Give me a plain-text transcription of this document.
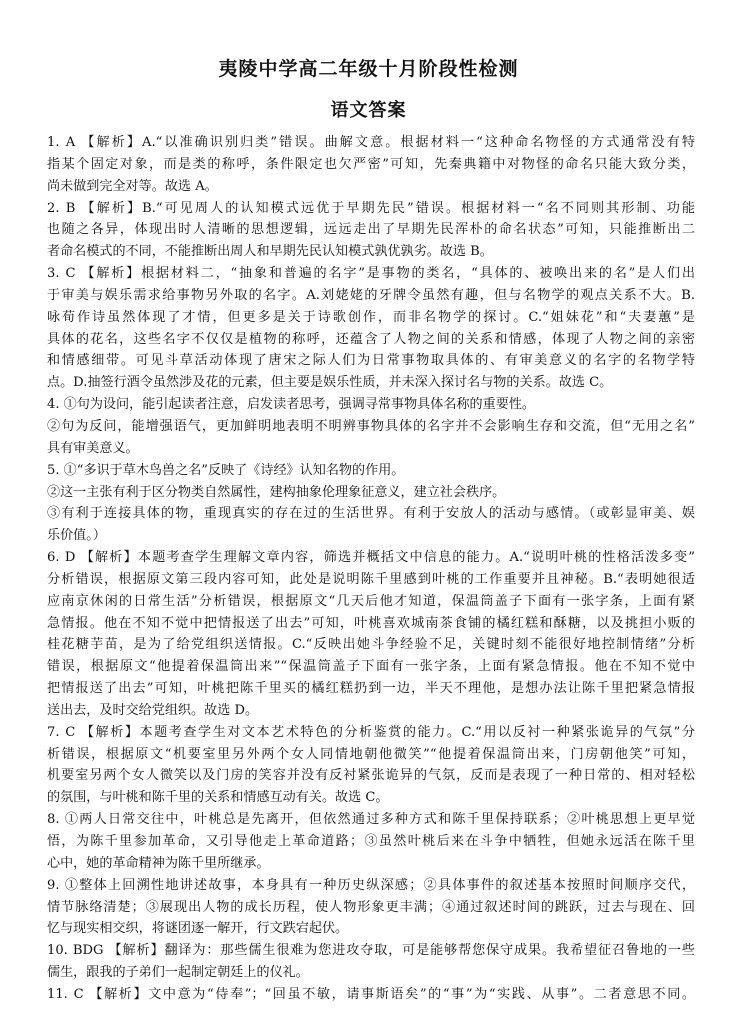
夷陵中学高二年级十月阶段性检测
语文答案
1. A 【解析】A.“以准确识别归类”错误。曲解文意。根据材料一“这种命名物怪的方式通常没有特
指某个固定对象，而是类的称呼，条件限定也欠严密”可知，先秦典籍中对物怪的命名只能大致分类，
尚未做到完全对等。故选 A。
2. B 【解析】B.“可见周人的认知模式远优于早期先民”错误。根据材料一“名不同则其形制、功能
也随之各异，体现出时人清晰的思想逻辑，远远走出了早期先民浑朴的命名状态”可知，只能推断出二
者命名模式的不同，不能推断出周人和早期先民认知模式孰优孰劣。故选 B。
3. C 【解析】根据材料二，“抽象和普遍的名字”是事物的类名，“具体的、被唤出来的名”是人们出
于审美与娱乐需求给事物另外取的名字。A.刘姥姥的牙牌令虽然有趣，但与名物学的观点关系不大。B.
咏荀作诗虽然体现了才情，但更多是关于诗歌创作，而非名物学的探讨。C.“姐妹花”和“夫妻蕙”是
具体的花名，这些名字不仅仅是植物的称呼，还蕴含了人物之间的关系和情感，体现了人物之间的亲密
和情感细带。可见斗草活动体现了唐宋之际人们为日常事物取具体的、有审美意义的名字的名物学特
点。D.抽签行酒令虽然涉及花的元素，但主要是娱乐性质，并未深入探讨名与物的关系。故选 C。
4. ①句为设问，能引起读者注意，启发读者思考，强调寻常事物具体名称的重要性。
②句为反问，能增强语气，更加鲜明地表明不明辨事物具体的名字并不会影响生存和交流，但“无用之名”
具有审美意义。
5. ①“多识于草木鸟兽之名”反映了《诗经》认知名物的作用。
②这一主张有利于区分物类自然属性，建构抽象伦理象征意义，建立社会秩序。
③有利于连接具体的物，重现真实的存在过的生活世界。有利于安放人的活动与感情。（或彰显审美、娱
乐价值。）
6. D 【解析】本题考查学生理解文章内容，筛选并概括文中信息的能力。A.“说明叶桃的性格活泼多变”
分析错误，根据原文第三段内容可知，此处是说明陈千里感到叶桃的工作重要并且神秘。B.“表明她很适
应南京休闲的日常生活”分析错误，根据原文“几天后他才知道，保温筒盖子下面有一张字条，上面有紧
急情报。他在不知不觉中把情报送了出去”可知，叶桃喜欢城南茶食铺的橘红糕和酥糖，以及挑担小贩的
桂花糖芋苗，是为了给党组织送情报。C.“反映出她斗争经验不足，关键时刻不能很好地控制情绪”分析
错误，根据原文“他提着保温筒出来”“保温筒盖子下面有一张字条，上面有紧急情报。他在不知不觉中
把情报送了出去”可知，叶桃把陈千里买的橘红糕扔到一边，半天不理他，是想办法让陈千里把紧急情报
送出去，及时交给党组织。故选 D。
7. C 【解析】本题考查学生对文本艺术特色的分析鉴赏的能力。C.“用以反衬一种紧张诡异的气氛”分
析错误，根据原文“机要室里另外两个女人同情地朝他微笑”“他提着保温筒出来，门房朝他笑”可知，
机要室另两个女人微笑以及门房的笑容并没有反衬紧张诡异的气氛，反而是表现了一种日常的、相对轻松
的氛围，与叶桃和陈千里的关系和情感互动有关。故选 C。
8. ①两人日常交往中，叶桃总是先离开，但依然通过多种方式和陈千里保持联系；②叶桃思想上更早觉
悟，为陈千里参加革命，又引导他走上革命道路；③虽然叶桃后来在斗争中牺牲，但她永远活在陈千里
心中，她的革命精神为陈千里所继承。
9. ①整体上回溯性地讲述故事，本身具有一种历史纵深感；②具体事件的叙述基本按照时间顺序交代，
情节脉络清楚；③展现出人物的成长历程，使人物形象更丰满；④通过叙述时间的跳跃，过去与现在、回
忆与现实相交织，将谜团逐一解开，行文跌宕起伏。
10. BDG 【解析】翻译为：那些儒生很难为您进攻夺取，可是能够帮您保守成果。我希望征召鲁地的一些
儒生，跟我的子弟们一起制定朝廷上的仪礼。
11. C 【解析】文中意为“侍奉”；“回虽不敏，请事斯语矣”的“事”为“实践、从事”。二者意思不同。
